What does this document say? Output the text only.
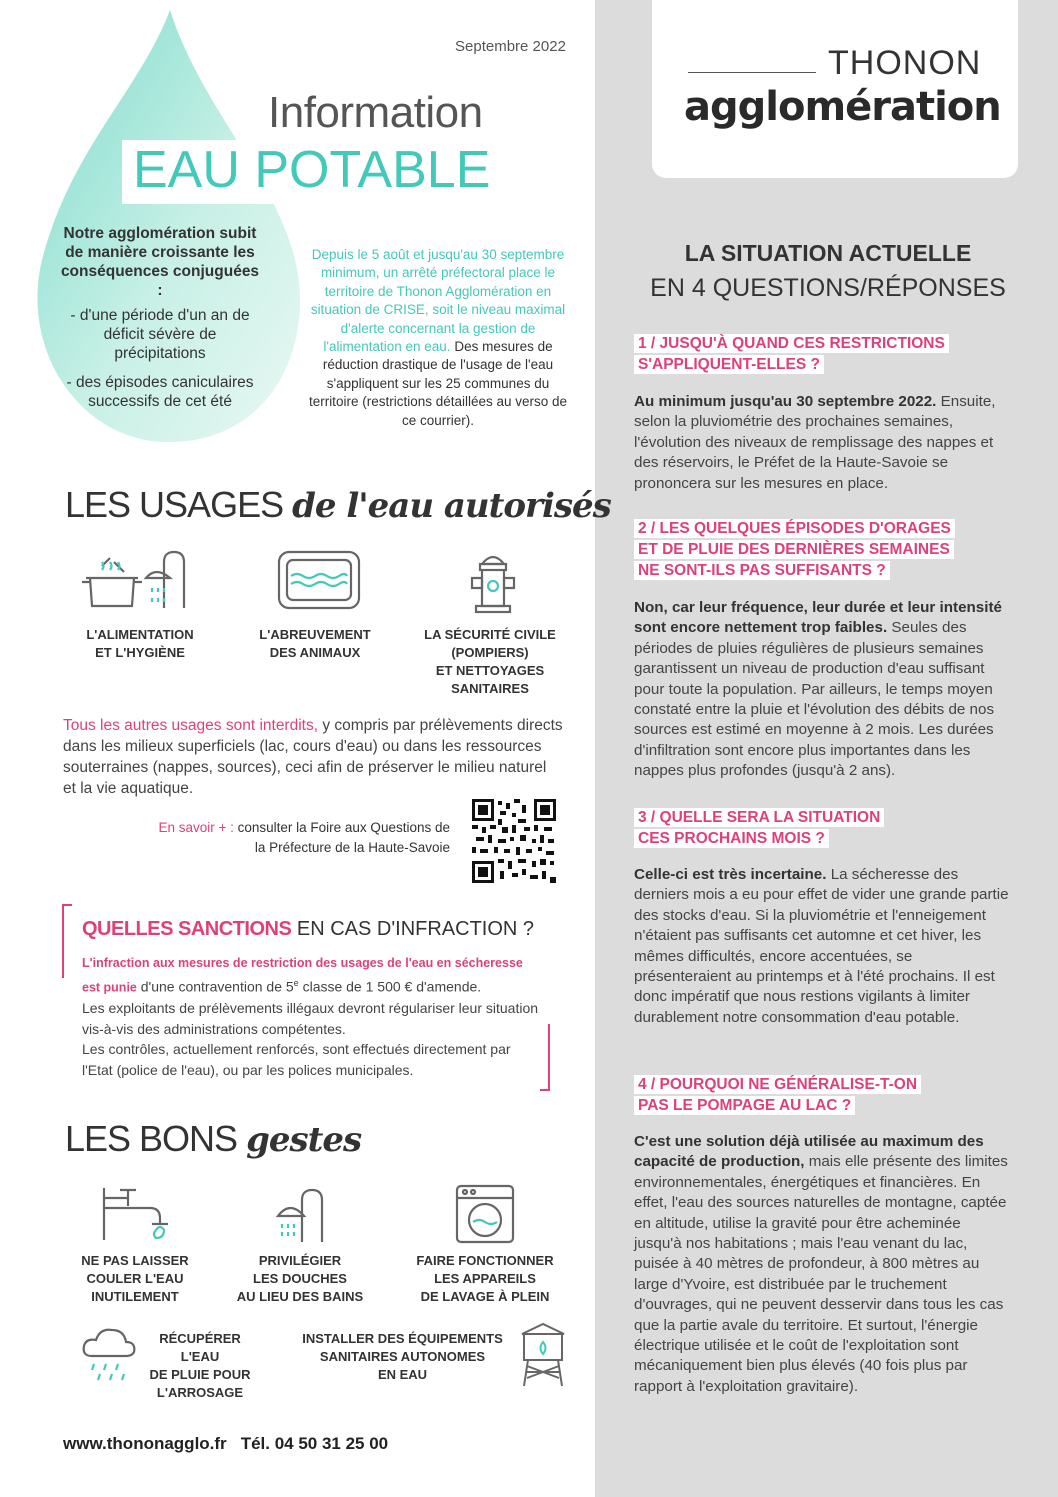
THONON
agglomération
Septembre 2022
Information
EAU POTABLE
Notre agglomération subit de manière croissante les conséquences conjuguées :
- d'une période d'un an de déficit sévère de précipitations
- des épisodes caniculaires successifs de cet été
Depuis le 5 août et jusqu'au 30 septembre minimum, un arrêté préfectoral place le territoire de Thonon Agglomération en situation de CRISE, soit le niveau maximal d'alerte concernant la gestion de l'alimentation en eau. Des mesures de réduction drastique de l'usage de l'eau s'appliquent sur les 25 communes du territoire (restrictions détaillées au verso de ce courrier).
LES USAGES de l'eau autorisés
L'ALIMENTATION
ET L'HYGIÈNE
L'ABREUVEMENT
DES ANIMAUX
LA SÉCURITÉ CIVILE
(POMPIERS)
ET NETTOYAGES
SANITAIRES
Tous les autres usages sont interdits, y compris par prélèvements directs dans les milieux superficiels (lac, cours d'eau) ou dans les ressources souterraines (nappes, sources), ceci afin de préserver le milieu naturel et la vie aquatique.
En savoir + : consulter la Foire aux Questions de la Préfecture de la Haute-Savoie
QUELLES SANCTIONS EN CAS D'INFRACTION ?
L'infraction aux mesures de restriction des usages de l'eau en sécheresse est punie d'une contravention de 5e classe de 1 500 € d'amende.
Les exploitants de prélèvements illégaux devront régulariser leur situation vis-à-vis des administrations compétentes.
Les contrôles, actuellement renforcés, sont effectués directement par l'Etat (police de l'eau), ou par les polices municipales.
LES BONS gestes
NE PAS LAISSER
COULER L'EAU
INUTILEMENT
PRIVILÉGIER
LES DOUCHES
AU LIEU DES BAINS
FAIRE FONCTIONNER
LES APPAREILS
DE LAVAGE À PLEIN
RÉCUPÉRER L'EAU
DE PLUIE POUR
L'ARROSAGE
INSTALLER DES ÉQUIPEMENTS
SANITAIRES AUTONOMES
EN EAU
www.thononagglo.fr Tél. 04 50 31 25 00
LA SITUATION ACTUELLE
EN 4 QUESTIONS/RÉPONSES
1 / JUSQU'À QUAND CES RESTRICTIONS
S'APPLIQUENT-ELLES ?
Au minimum jusqu'au 30 septembre 2022. Ensuite, selon la pluviométrie des prochaines semaines, l'évolution des niveaux de remplissage des nappes et des réservoirs, le Préfet de la Haute-Savoie se prononcera sur les mesures en place.
2 / LES QUELQUES ÉPISODES D'ORAGES
ET DE PLUIE DES DERNIÈRES SEMAINES
NE SONT-ILS PAS SUFFISANTS ?
Non, car leur fréquence, leur durée et leur intensité sont encore nettement trop faibles. Seules des périodes de pluies régulières de plusieurs semaines garantissent un niveau de production d'eau suffisant pour toute la population. Par ailleurs, le temps moyen constaté entre la pluie et l'évolution des débits de nos sources est estimé en moyenne à 2 mois. Les durées d'infiltration sont encore plus importantes dans les nappes plus profondes (jusqu'à 2 ans).
3 / QUELLE SERA LA SITUATION
CES PROCHAINS MOIS ?
Celle-ci est très incertaine. La sécheresse des derniers mois a eu pour effet de vider une grande partie des stocks d'eau. Si la pluviométrie et l'enneigement n'étaient pas suffisants cet automne et cet hiver, les mêmes difficultés, encore accentuées, se présenteraient au printemps et à l'été prochains. Il est donc impératif que nous restions vigilants à limiter durablement notre consommation d'eau potable.
4 / POURQUOI NE GÉNÉRALISE-T-ON
PAS LE POMPAGE AU LAC ?
C'est une solution déjà utilisée au maximum des capacité de production, mais elle présente des limites environnementales, énergétiques et financières. En effet, l'eau des sources naturelles de montagne, captée en altitude, utilise la gravité pour être acheminée jusqu'à nos habitations ; mais l'eau venant du lac, puisée à 40 mètres de profondeur, à 800 mètres au large d'Yvoire, est distribuée par le truchement d'ouvrages, qui ne peuvent desservir dans tous les cas que la partie avale du territoire. Et surtout, l'énergie électrique utilisée et le coût de l'exploitation sont mécaniquement bien plus élevés (40 fois plus par rapport à l'exploitation gravitaire).
